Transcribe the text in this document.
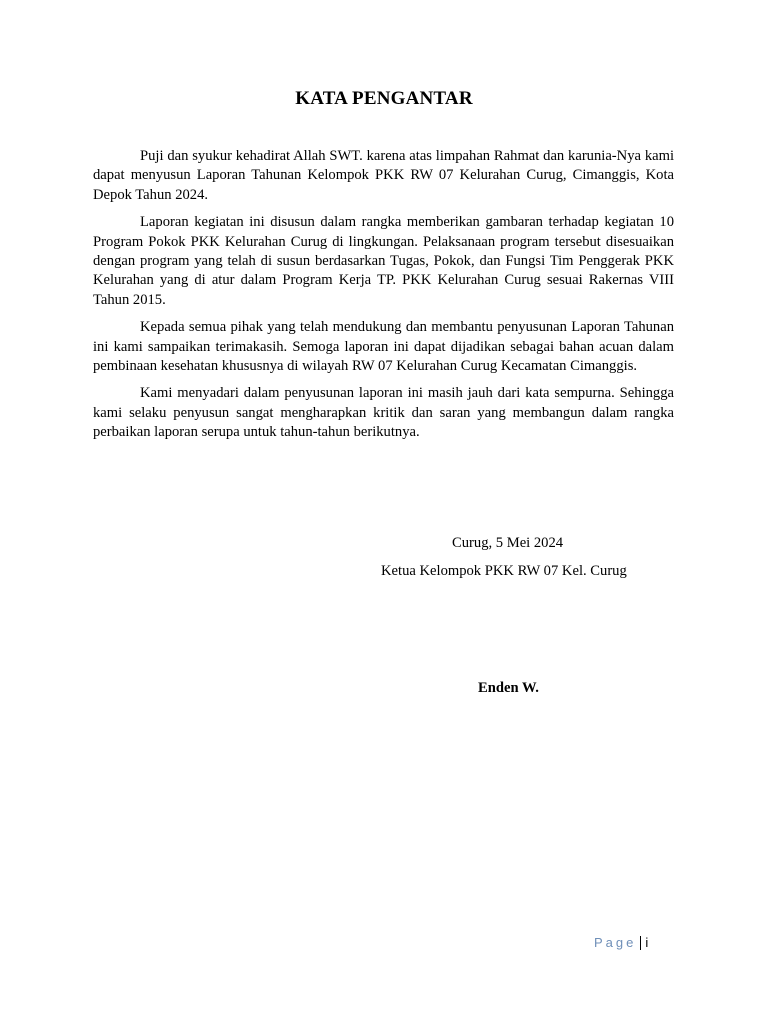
KATA PENGANTAR

Puji dan syukur kehadirat Allah SWT. karena atas limpahan Rahmat dan karunia-Nya kami dapat menyusun Laporan Tahunan Kelompok PKK RW 07 Kelurahan Curug, Cimanggis, Kota Depok Tahun 2024.

Laporan kegiatan ini disusun dalam rangka memberikan gambaran terhadap kegiatan 10 Program Pokok PKK Kelurahan Curug di lingkungan. Pelaksanaan program tersebut disesuaikan dengan program yang telah di susun berdasarkan Tugas, Pokok, dan Fungsi Tim Penggerak PKK Kelurahan yang di atur dalam Program Kerja TP. PKK Kelurahan Curug sesuai Rakernas VIII Tahun 2015.

Kepada semua pihak yang telah mendukung dan membantu penyusunan Laporan Tahunan ini kami sampaikan terimakasih. Semoga laporan ini dapat dijadikan sebagai bahan acuan dalam pembinaan kesehatan khususnya di wilayah RW 07 Kelurahan Curug Kecamatan Cimanggis.

Kami menyadari dalam penyusunan laporan ini masih jauh dari kata sempurna. Sehingga kami selaku penyusun sangat mengharapkan kritik dan saran yang membangun dalam rangka perbaikan laporan serupa untuk tahun-tahun berikutnya.

Curug, 5 Mei 2024
Ketua Kelompok PKK RW 07 Kel. Curug
Enden W.
Page i
